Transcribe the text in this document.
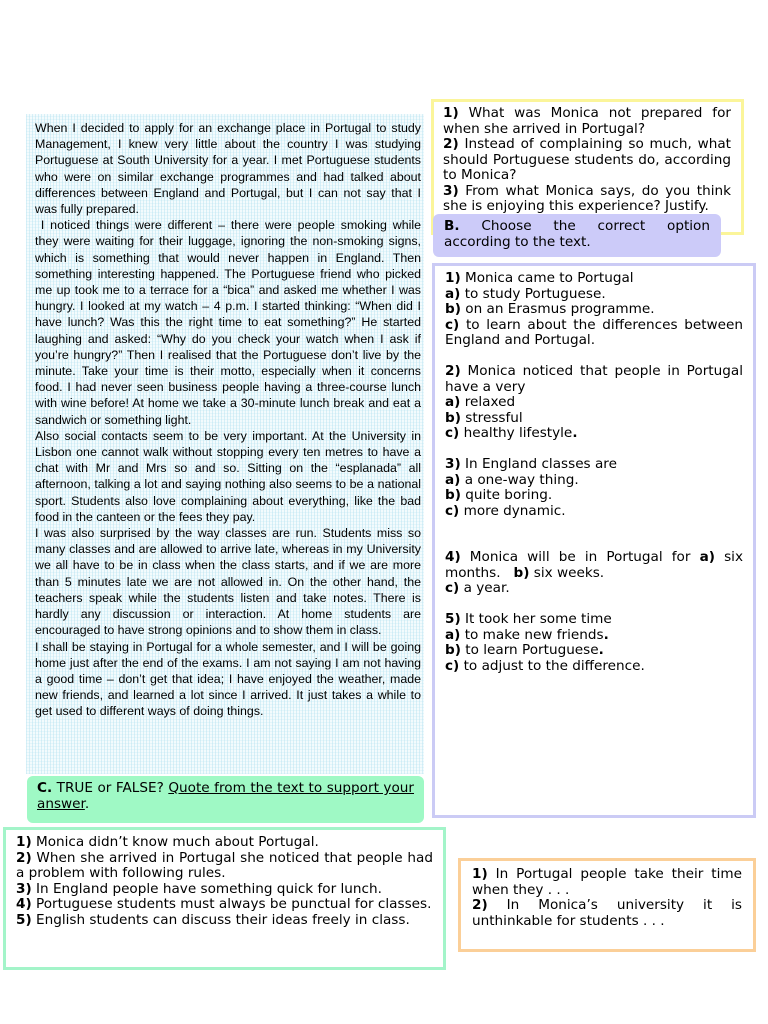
When I decided to apply for an exchange place in Portugal to study Management, I knew very little about the country I was studying Portuguese at South University for a year. I met Portuguese students who were on similar exchange programmes and had talked about differences between England and Portugal, but I can not say that I was fully prepared.

I noticed things were different – there were people smoking while they were waiting for their luggage, ignoring the non-smoking signs, which is something that would never happen in England. Then something interesting happened. The Portuguese friend who picked me up took me to a terrace for a “bica” and asked me whether I was hungry. I looked at my watch – 4 p.m. I started thinking: “When did I have lunch? Was this the right time to eat something?” He started laughing and asked: “Why do you check your watch when I ask if you’re hungry?” Then I realised that the Portuguese don’t live by the minute. Take your time is their motto, especially when it concerns food. I had never seen business people having a three-course lunch with wine before! At home we take a 30-minute lunch break and eat a sandwich or something light.

Also social contacts seem to be very important. At the University in Lisbon one cannot walk without stopping every ten metres to have a chat with Mr and Mrs so and so. Sitting on the “esplanada” all afternoon, talking a lot and saying nothing also seems to be a national sport. Students also love complaining about everything, like the bad food in the canteen or the fees they pay.

I was also surprised by the way classes are run. Students miss so many classes and are allowed to arrive late, whereas in my University we all have to be in class when the class starts, and if we are more than 5 minutes late we are not allowed in. On the other hand, the teachers speak while the students listen and take notes. There is hardly any discussion or interaction. At home students are encouraged to have strong opinions and to show them in class.

I shall be staying in Portugal for a whole semester, and I will be going home just after the end of the exams. I am not saying I am not having a good time – don’t get that idea; I have enjoyed the weather, made new friends, and learned a lot since I arrived. It just takes a while to get used to different ways of doing things.

1) What was Monica not prepared for when she arrived in Portugal?

2) Instead of complaining so much, what should Portuguese students do, according to Monica?

3) From what Monica says, do you think she is enjoying this experience? Justify.

B. Choose the correct option according to the text.

1) Monica came to Portugal

a) to study Portuguese.

b) on an Erasmus programme.

c) to learn about the differences between England and Portugal.

2) Monica noticed that people in Portugal have a very

a) relaxed

b) stressful

c) healthy lifestyle.

3) In England classes are

a) a one-way thing.

b) quite boring.

c) more dynamic.

4) Monica will be in Portugal for a) six months. b) six weeks.

c) a year.

5) It took her some time

a) to make new friends.

b) to learn Portuguese.

c) to adjust to the difference.

C. TRUE or FALSE? Quote from the text to support your answer.

1) Monica didn’t know much about Portugal.

2) When she arrived in Portugal she noticed that people had a problem with following rules.

3) In England people have something quick for lunch.

4) Portuguese students must always be punctual for classes.

5) English students can discuss their ideas freely in class.

1) In Portugal people take their time when they . . .

2) In Monica’s university it is unthinkable for students . . .
